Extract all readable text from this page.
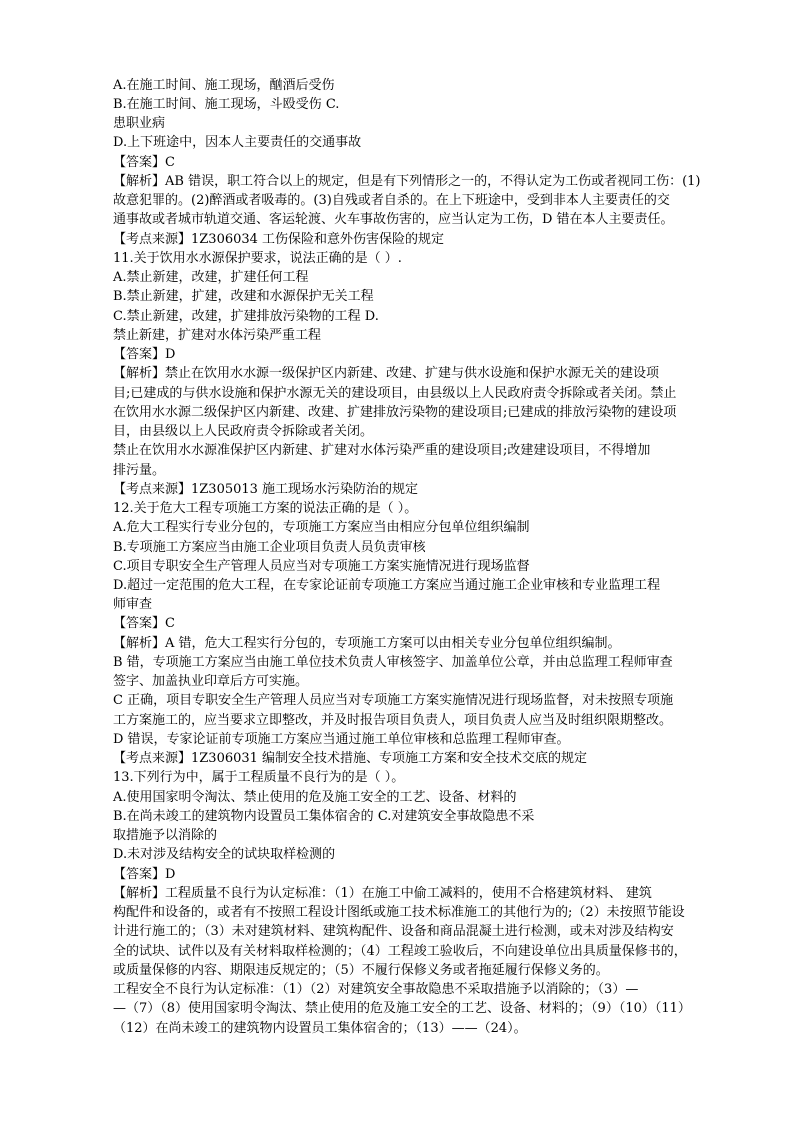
A.在施工时间、施工现场，酗酒后受伤
B.在施工时间、施工现场，斗殴受伤 C.
患职业病
D.上下班途中，因本人主要责任的交通事故
【答案】C
【解析】AB 错误，职工符合以上的规定，但是有下列情形之一的，不得认定为工伤或者视同工伤：(1)
故意犯罪的。(2)醉酒或者吸毒的。(3)自残或者自杀的。在上下班途中，受到非本人主要责任的交
通事故或者城市轨道交通、客运轮渡、火车事故伤害的，应当认定为工伤，D 错在本人主要责任。
【考点来源】1Z306034 工伤保险和意外伤害保险的规定
11.关于饮用水水源保护要求，说法正确的是（ ）.
A.禁止新建，改建，扩建任何工程
B.禁止新建，扩建，改建和水源保护无关工程
C.禁止新建，改建，扩建排放污染物的工程 D.
禁止新建，扩建对水体污染严重工程
【答案】D
【解析】禁止在饮用水水源一级保护区内新建、改建、扩建与供水设施和保护水源无关的建设项
目;已建成的与供水设施和保护水源无关的建设项目，由县级以上人民政府责令拆除或者关闭。禁止
在饮用水水源二级保护区内新建、改建、扩建排放污染物的建设项目;已建成的排放污染物的建设项
目，由县级以上人民政府责令拆除或者关闭。
禁止在饮用水水源准保护区内新建、扩建对水体污染严重的建设项目;改建建设项目，不得增加
排污量。
【考点来源】1Z305013 施工现场水污染防治的规定
12.关于危大工程专项施工方案的说法正确的是（ ）。
A.危大工程实行专业分包的，专项施工方案应当由相应分包单位组织编制
B.专项施工方案应当由施工企业项目负责人员负责审核
C.项目专职安全生产管理人员应当对专项施工方案实施情况进行现场监督
D.超过一定范围的危大工程，在专家论证前专项施工方案应当通过施工企业审核和专业监理工程
师审查
【答案】C
【解析】A 错，危大工程实行分包的，专项施工方案可以由相关专业分包单位组织编制。
B 错，专项施工方案应当由施工单位技术负责人审核签字、加盖单位公章，并由总监理工程师审查
签字、加盖执业印章后方可实施。
C 正确，项目专职安全生产管理人员应当对专项施工方案实施情况进行现场监督，对未按照专项施
工方案施工的，应当要求立即整改，并及时报告项目负责人，项目负责人应当及时组织限期整改。
D 错误，专家论证前专项施工方案应当通过施工单位审核和总监理工程师审查。
【考点来源】1Z306031 编制安全技术措施、专项施工方案和安全技术交底的规定
13.下列行为中，属于工程质量不良行为的是（ ）。
A.使用国家明令淘汰、禁止使用的危及施工安全的工艺、设备、材料的
B.在尚未竣工的建筑物内设置员工集体宿舍的 C.对建筑安全事故隐患不采
取措施予以消除的
D.未对涉及结构安全的试块取样检测的
【答案】D
【解析】工程质量不良行为认定标准：（1）在施工中偷工减料的，使用不合格建筑材料、 建筑
构配件和设备的，或者有不按照工程设计图纸或施工技术标准施工的其他行为的;（2）未按照节能设
计进行施工的；（3）未对建筑材料、建筑构配件、设备和商品混凝土进行检测，或未对涉及结构安
全的试块、试件以及有关材料取样检测的；（4）工程竣工验收后，不向建设单位出具质量保修书的，
或质量保修的内容、期限违反规定的；（5）不履行保修义务或者拖延履行保修义务的。
工程安全不良行为认定标准：（1）（2）对建筑安全事故隐患不采取措施予以消除的；（3）—
—（7）（8）使用国家明令淘汰、禁止使用的危及施工安全的工艺、设备、材料的；（9）（10）（11）
（12）在尚未竣工的建筑物内设置员工集体宿舍的；（13）——（24）。
